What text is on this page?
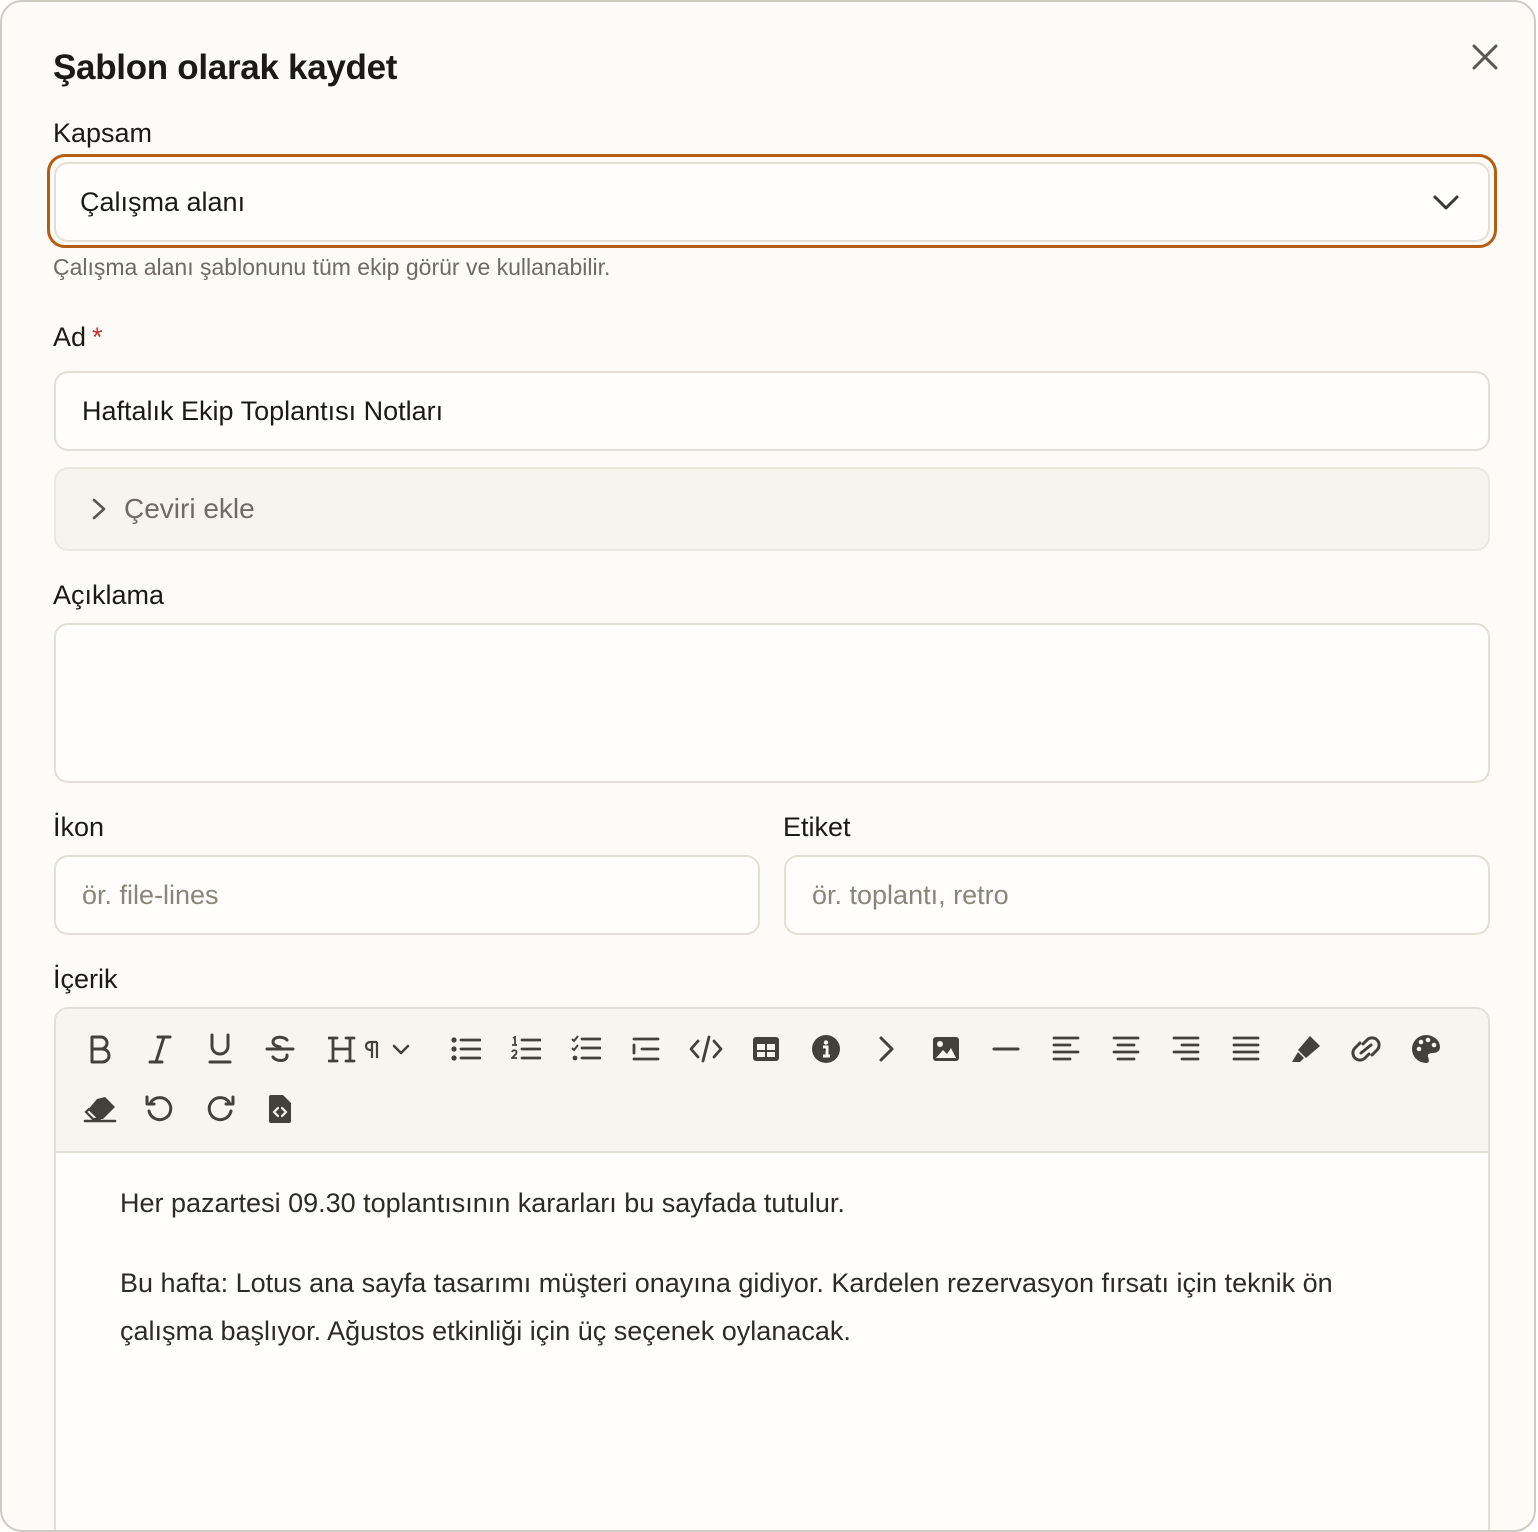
Şablon olarak kaydet
Kapsam
Çalışma alanı
Çalışma alanı şablonunu tüm ekip görür ve kullanabilir.
Ad *
Haftalık Ekip Toplantısı Notları
Çeviri ekle
Açıklama
İkon	Etiket
ör. file-lines
ör. toplantı, retro
İçerik

Her pazartesi 09.30 toplantısının kararları bu sayfada tutulur.

Bu hafta: Lotus ana sayfa tasarımı müşteri onayına gidiyor. Kardelen rezervasyon fırsatı için teknik ön çalışma başlıyor. Ağustos etkinliği için üç seçenek oylanacak.
